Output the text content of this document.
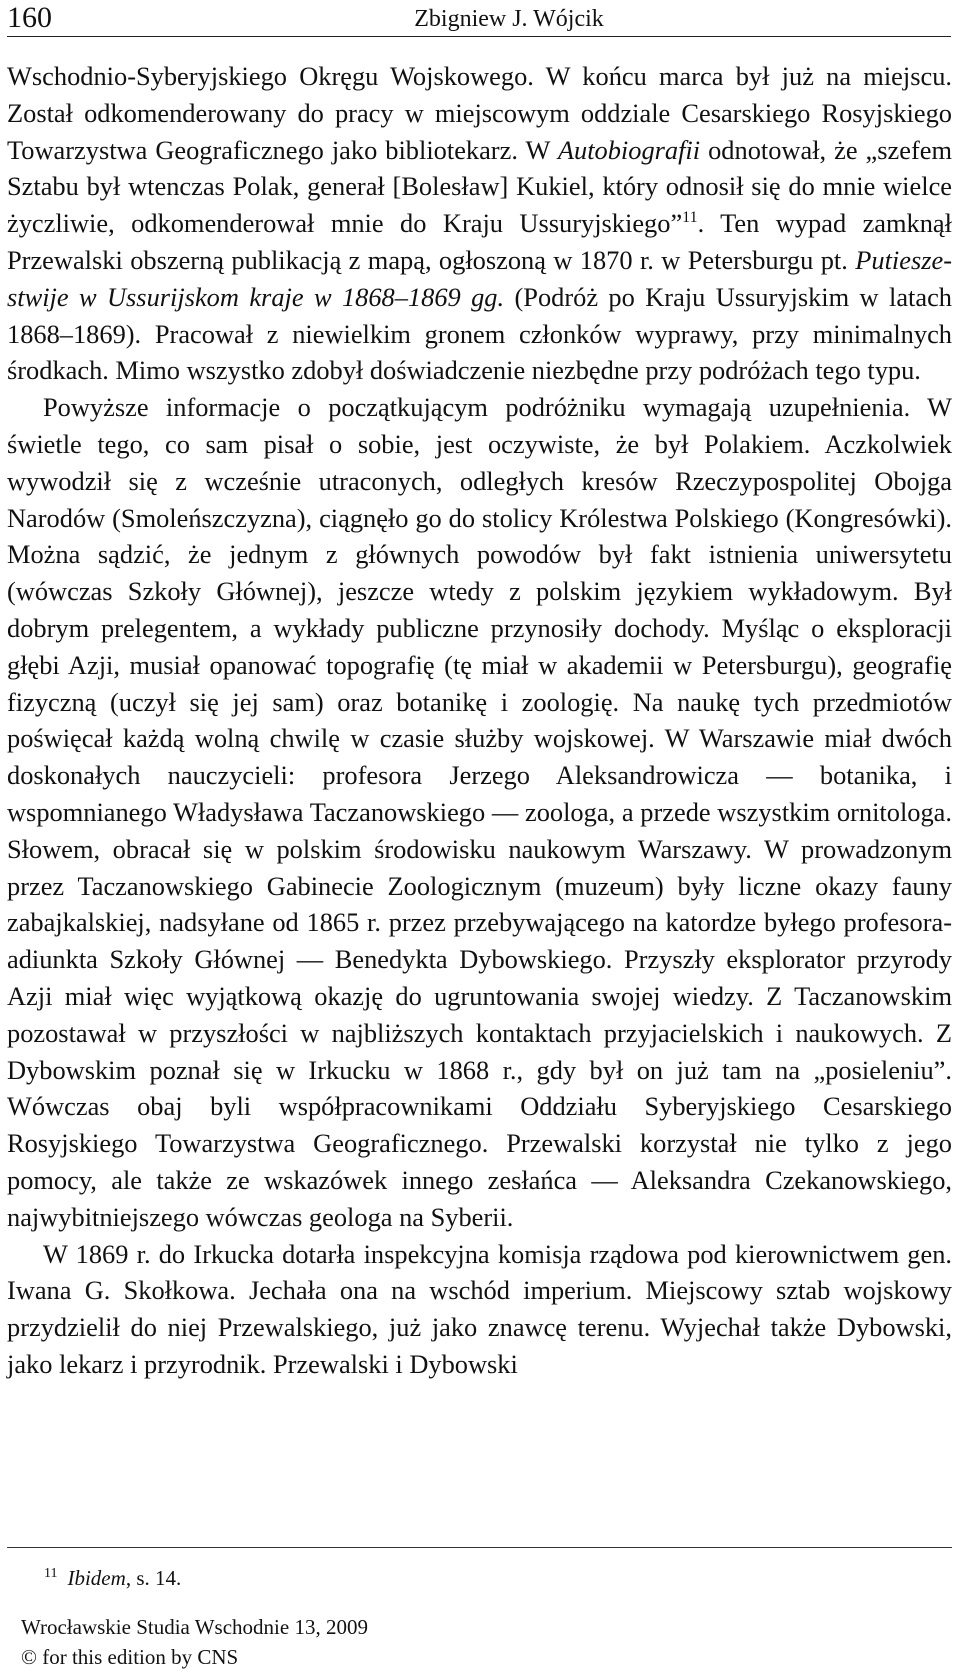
160	Zbigniew J. Wójcik

Wschodnio-Syberyjskiego Okręgu Wojskowego. W końcu marca był już na miejscu. Został odkomenderowany do pracy w miejscowym oddziale Cesarskiego Rosyjskiego Towarzystwa Geograficznego jako bibliotekarz. W Autobiografii odnotował, że „szefem Sztabu był wtenczas Polak, generał [Bolesław] Kukiel, który odnosił się do mnie wielce życzliwie, odkomenderował mnie do Kraju Ussuryjskiego”$^{11}$. Ten wypad zamknął Przewalski obszerną publikacją z mapą, ogłoszoną w 1870 r. w Petersburgu pt. Putieszestwije w Ussurijskom kraje w 1868–1869 gg. (Podróż po Kraju Ussuryjskim w latach 1868–1869). Pracował z niewielkim gronem członków wyprawy, przy minimalnych środkach. Mimo wszystko zdobył doświadczenie niezbędne przy podróżach tego typu.

Powyższe informacje o początkującym podróżniku wymagają uzupełnienia. W świetle tego, co sam pisał o sobie, jest oczywiste, że był Polakiem. Aczkolwiek wywodził się z wcześnie utraconych, odległych kresów Rzeczypospolitej Obojga Narodów (Smoleńszczyzna), ciągnęło go do stolicy Królestwa Polskiego (Kongresówki). Można sądzić, że jednym z głównych powodów był fakt istnienia uniwersytetu (wówczas Szkoły Głównej), jeszcze wtedy z polskim językiem wykładowym. Był dobrym prelegentem, a wykłady publiczne przynosiły dochody. Myśląc o eksploracji głębi Azji, musiał opanować topografię (tę miał w akademii w Petersburgu), geografię fizyczną (uczył się jej sam) oraz botanikę i zoologię. Na naukę tych przedmiotów poświęcał każdą wolną chwilę w czasie służby wojskowej. W Warszawie miał dwóch doskonałych nauczycieli: profesora Jerzego Aleksandrowicza — botanika, i wspomnianego Władysława Taczanowskiego — zoologa, a przede wszystkim ornitologa. Słowem, obracał się w polskim środowisku naukowym Warszawy. W prowadzonym przez Taczanowskiego Gabinecie Zoologicznym (muzeum) były liczne okazy fauny zabajkalskiej, nadsyłane od 1865 r. przez przebywającego na katordze byłego profesora-adiunkta Szkoły Głównej — Benedykta Dybowskiego. Przyszły eksplorator przyrody Azji miał więc wyjątkową okazję do ugruntowania swojej wiedzy. Z Taczanowskim pozostawał w przyszłości w najbliższych kontaktach przyjacielskich i naukowych. Z Dybowskim poznał się w Irkucku w 1868 r., gdy był on już tam na „posieleniu”. Wówczas obaj byli współpracownikami Oddziału Syberyjskiego Cesarskiego Rosyjskiego Towarzystwa Geograficznego. Przewalski korzystał nie tylko z jego pomocy, ale także ze wskazówek innego zesłańca — Aleksandra Czekanowskiego, najwybitniejszego wówczas geologa na Syberii.

W 1869 r. do Irkucka dotarła inspekcyjna komisja rządowa pod kierownictwem gen. Iwana G. Skołkowa. Jechała ona na wschód imperium. Miejscowy sztab wojskowy przydzielił do niej Przewalskiego, już jako znawcę terenu. Wyjechał także Dybowski, jako lekarz i przyrodnik. Przewalski i Dybowski

$^{11}$ Ibidem, s. 14.
Wrocławskie Studia Wschodnie 13, 2009
© for this edition by CNS
